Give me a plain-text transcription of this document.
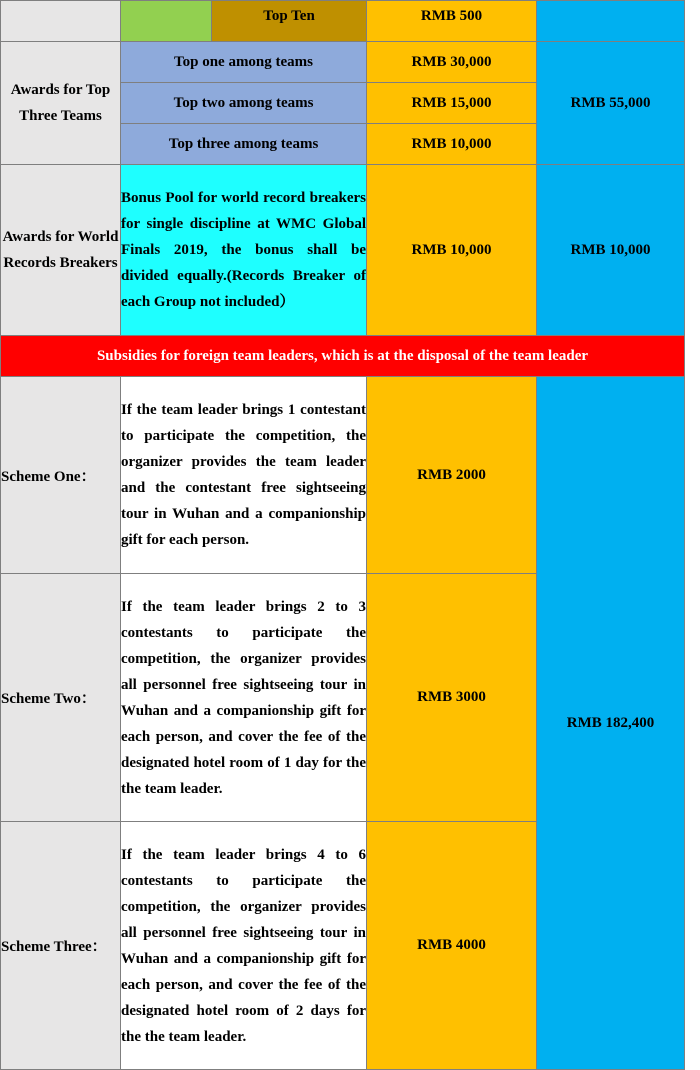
		Top Ten	RMB 500	
Awards for Top Three Teams	Top one among teams		RMB 30,000	RMB 55,000
	Top two among teams		RMB 15,000	
	Top three among teams		RMB 10,000	
Awards for World Records Breakers	Bonus Pool for world record breakers for single discipline at WMC Global Finals 2019, the bonus shall be divided equally.(Records Breaker of each Group not included）		RMB 10,000	RMB 10,000
Subsidies for foreign team leaders, which is at the disposal of the team leader				
Scheme One：	If the team leader brings 1 contestant to participate the competition, the organizer provides the team leader and the contestant free sightseeing tour in Wuhan and a companionship gift for each person.		RMB 2000	RMB 182,400
Scheme Two：	If the team leader brings 2 to 3 contestants to participate the competition, the organizer provides all personnel free sightseeing tour in Wuhan and a companionship gift for each person, and cover the fee of the designated hotel room of 1 day for the the team leader.		RMB 3000	
Scheme Three：	If the team leader brings 4 to 6 contestants to participate the competition, the organizer provides all personnel free sightseeing tour in Wuhan and a companionship gift for each person, and cover the fee of the designated hotel room of 2 days for the the team leader.		RMB 4000	
